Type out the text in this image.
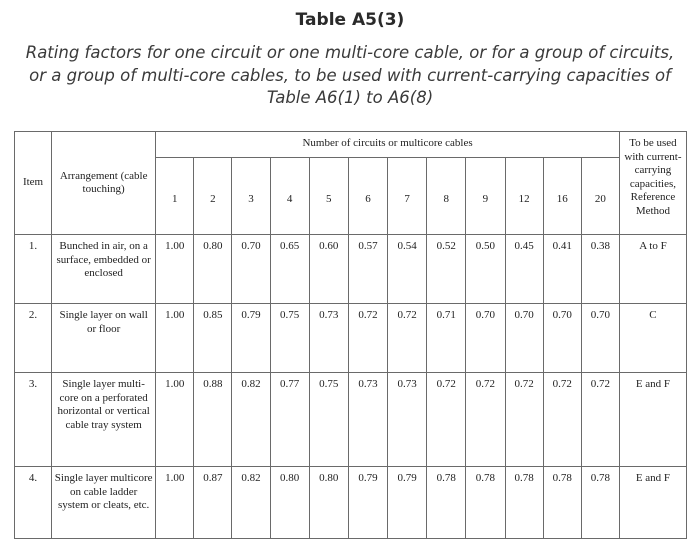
Table A5(3)
Rating factors for one circuit or one multi-core cable, or for a group of circuits, or a group of multi-core cables, to be used with current-carrying capacities of Table A6(1) to A6(8)
Item	Arrangement (cable touching)	Number of circuits or multicore cables												To be used with current-carrying capacities, Reference Method
		1	2	3	4	5	6	7	8	9	12	16	20	
1.	Bunched in air, on a surface, embedded or enclosed	1.00	0.80	0.70	0.65	0.60	0.57	0.54	0.52	0.50	0.45	0.41	0.38	A to F
2.	Single layer on wall or floor	1.00	0.85	0.79	0.75	0.73	0.72	0.72	0.71	0.70	0.70	0.70	0.70	C
3.	Single layer multi-core on a perforated horizontal or vertical cable tray system	1.00	0.88	0.82	0.77	0.75	0.73	0.73	0.72	0.72	0.72	0.72	0.72	E and F
4.	Single layer multicore on cable ladder system or cleats, etc.	1.00	0.87	0.82	0.80	0.80	0.79	0.79	0.78	0.78	0.78	0.78	0.78	E and F
